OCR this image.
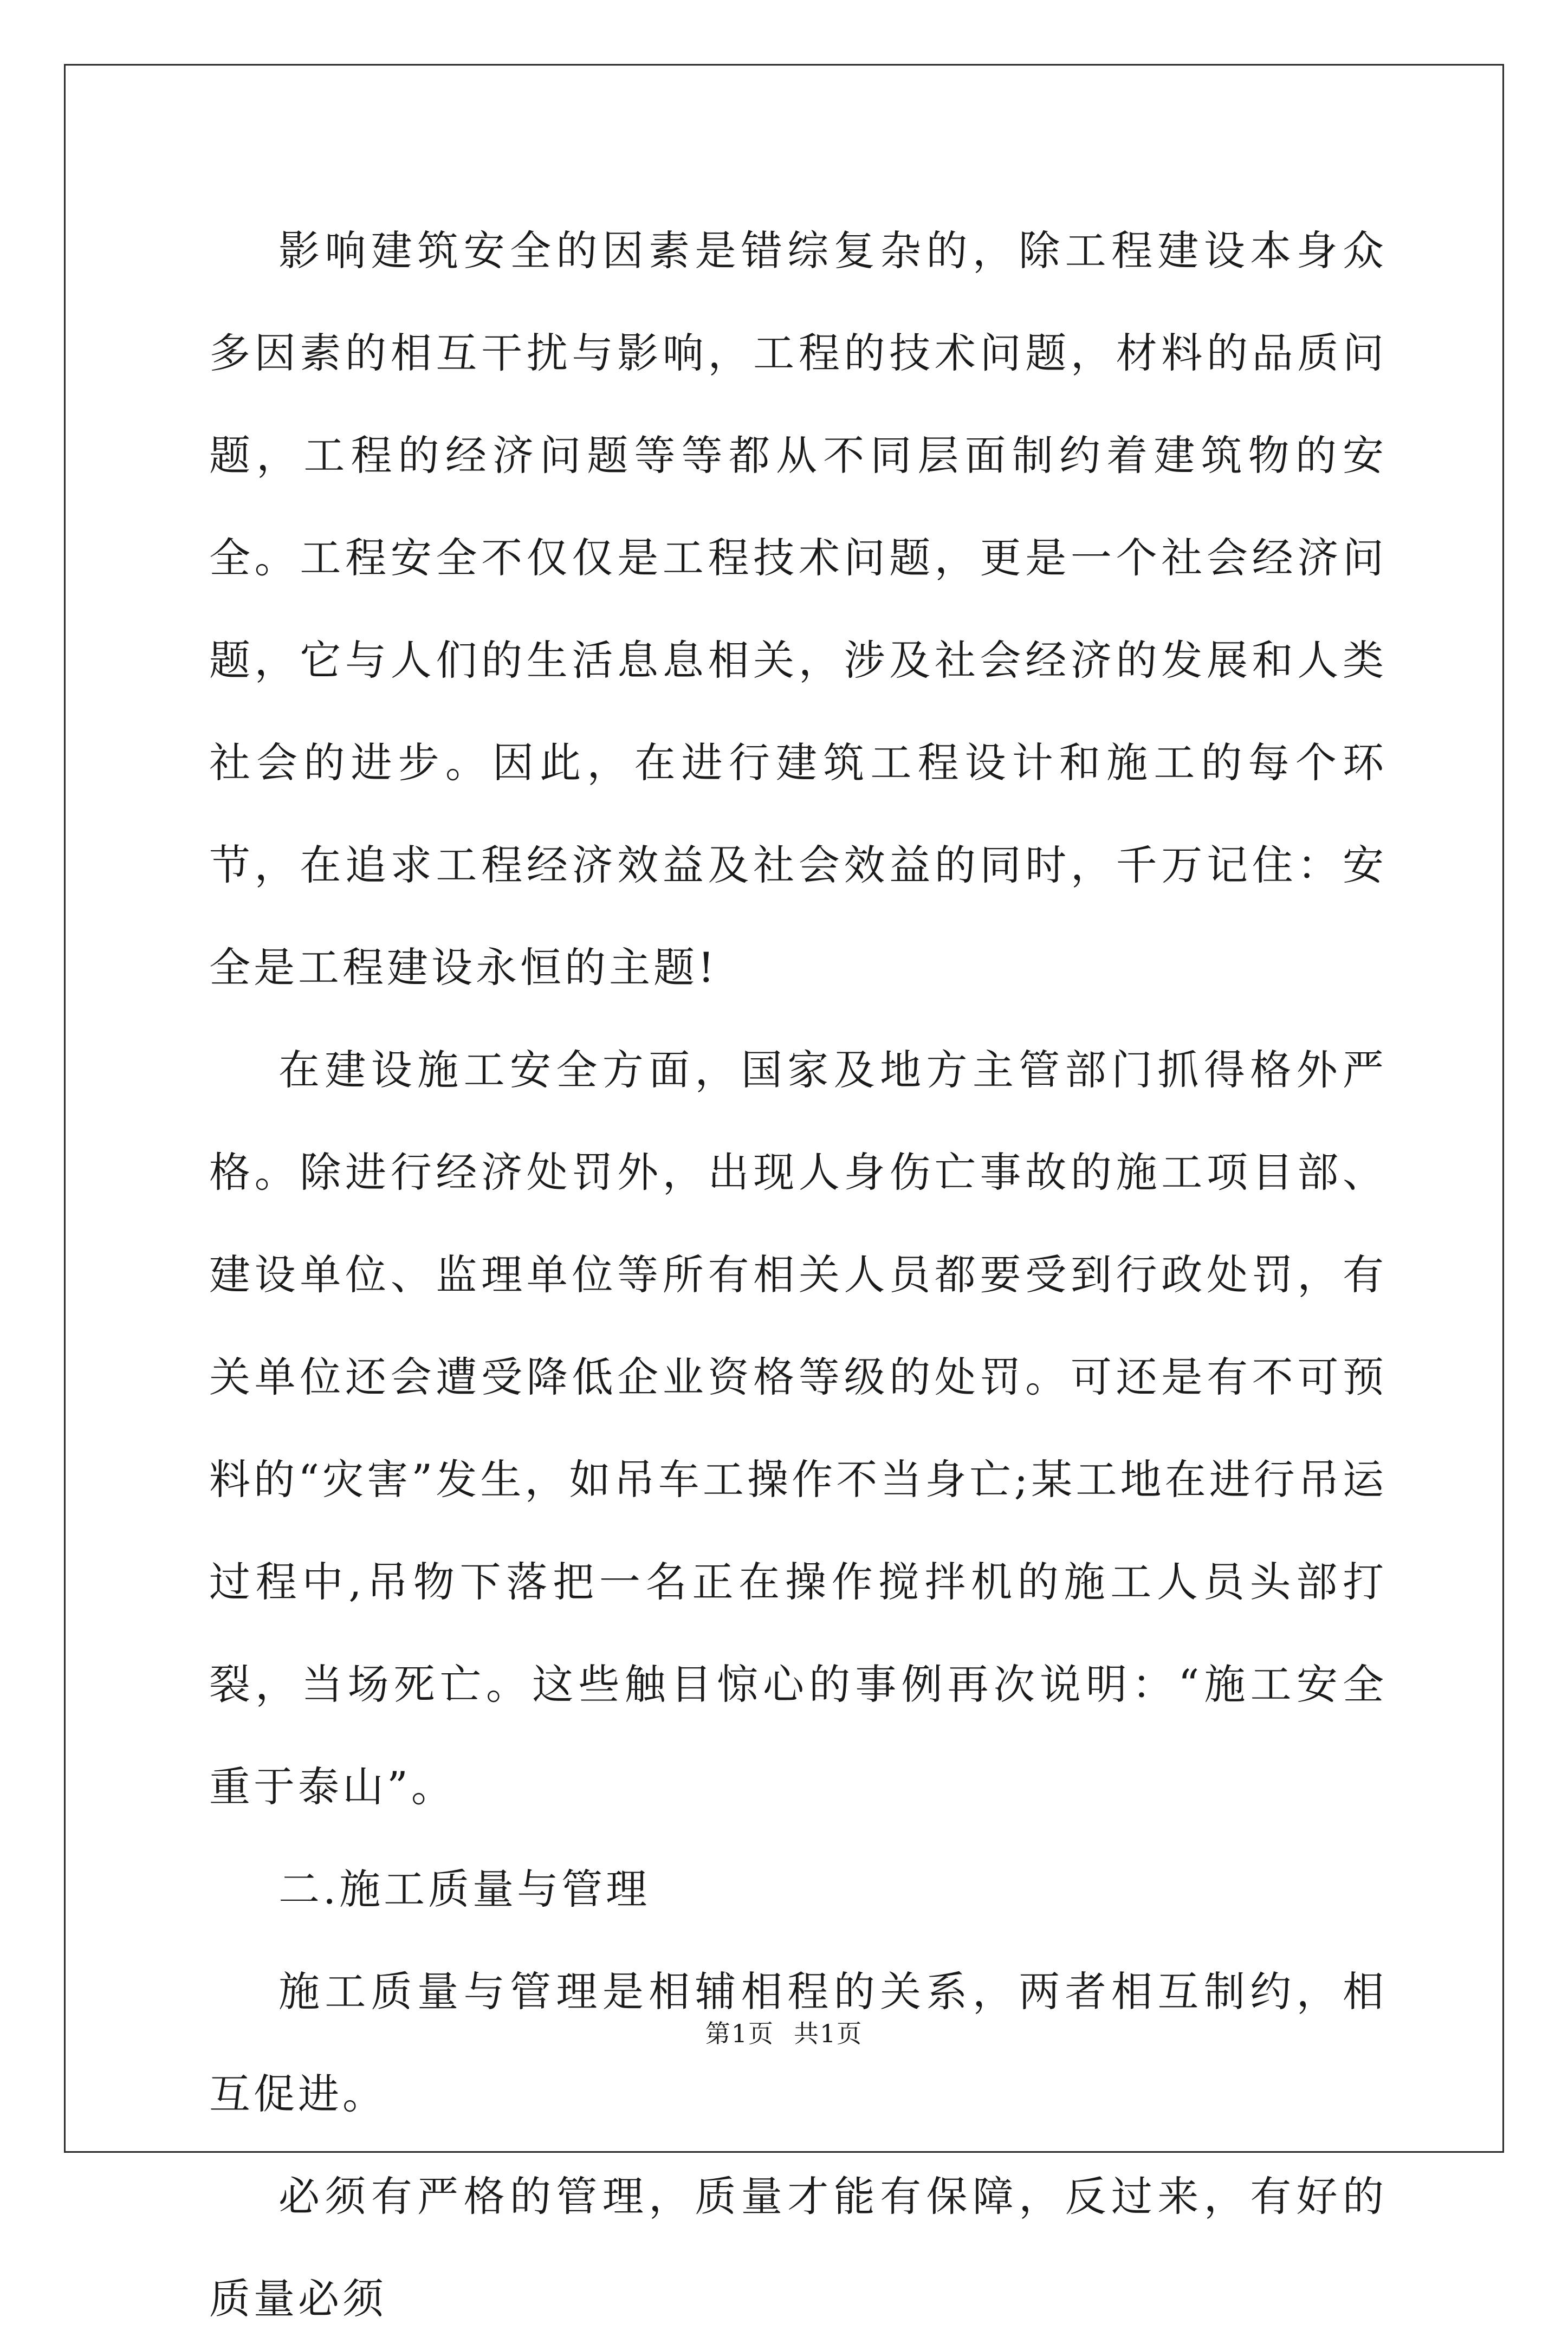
影响建筑安全的因素是错综复杂的，除工程建设本身众多因素的相互干扰与影响，工程的技术问题，材料的品质问题，工程的经济问题等等都从不同层面制约着建筑物的安全。工程安全不仅仅是工程技术问题，更是一个社会经济问题，它与人们的生活息息相关，涉及社会经济的发展和人类社会的进步。因此，在进行建筑工程设计和施工的每个环节，在追求工程经济效益及社会效益的同时，千万记住：安全是工程建设永恒的主题!

在建设施工安全方面，国家及地方主管部门抓得格外严格。除进行经济处罚外，出现人身伤亡事故的施工项目部、建设单位、监理单位等所有相关人员都要受到行政处罚，有关单位还会遭受降低企业资格等级的处罚。可还是有不可预料的“灾害”发生，如吊车工操作不当身亡;某工地在进行吊运过程中,吊物下落把一名正在操作搅拌机的施工人员头部打裂，当场死亡。这些触目惊心的事例再次说明：“施工安全重于泰山”。

二.施工质量与管理

施工质量与管理是相辅相程的关系，两者相互制约，相互促进。

必须有严格的管理，质量才能有保障，反过来，有好的质量必须

第1页 共1页
